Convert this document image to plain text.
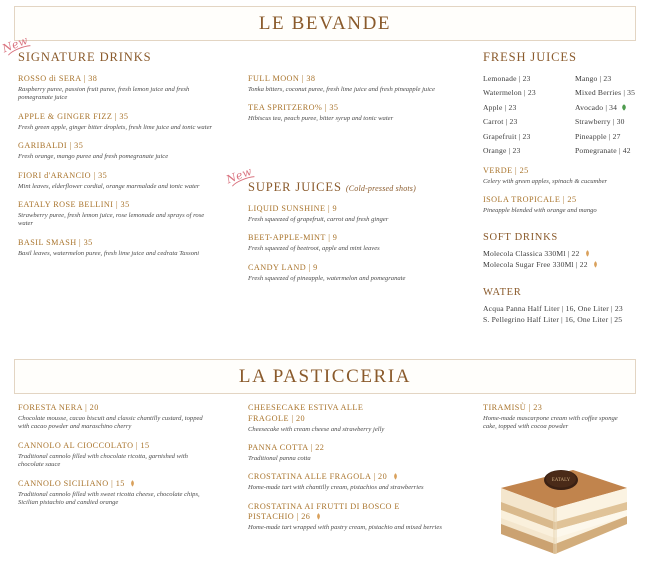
LE BEVANDE
New
SIGNATURE DRINKS

ROSSO di SERA | 38

Raspberry puree, passion fruit puree, fresh lemon juice and fresh pomegranate juice

APPLE & GINGER FIZZ | 35

Fresh green apple, ginger bitter droplets, fresh lime juice and tonic water

GARIBALDI | 35

Fresh orange, mango puree and fresh pomegranate juice

FIORI d'ARANCIO | 35

Mint leaves, elderflower cordial, orange marmalade and tonic water

EATALY ROSE BELLINI | 35

Strawberry puree, fresh lemon juice, rose lemonade and sprays of rose water

BASIL SMASH | 35

Basil leaves, watermelon puree, fresh lime juice and cedrata Tassoni

FULL MOON | 38

Tonka bitters, coconut puree, fresh lime juice and fresh pineapple juice

TEA SPRITZERO% | 35

Hibiscus tea, peach puree, bitter syrup and tonic water

New
SUPER JUICES (Cold-pressed shots)

LIQUID SUNSHINE | 9

Fresh squeezed of grapefruit, carrot and fresh ginger

BEET-APPLE-MINT | 9

Fresh squeezed of beetroot, apple and mint leaves

CANDY LAND | 9

Fresh squeezed of pineapple, watermelon and pomegranate

FRESH JUICES
Lemonade | 23	Mango | 23
Watermelon | 23	Mixed Berries | 35
Apple | 23	Avocado | 34
Carrot | 23	Strawberry | 30
Grapefruit | 23	Pineapple | 27
Orange | 23	Pomegranate | 42

VERDE | 25

Celery with green apples, spinach & cucumber

ISOLA TROPICALE | 25

Pineapple blended with orange and mango

SOFT DRINKS

Molecola Classica 330Ml | 22

Molecola Sugar Free 330Ml | 22

WATER

Acqua Panna Half Liter | 16, One Liter | 23

S. Pellegrino Half Liter | 16, One Liter | 25

LA PASTICCERIA

FORESTA NERA | 20

Chocolate mousse, cacao biscuit and classic chantilly custard, topped with cacao powder and maraschino cherry

CANNOLO AL CIOCCOLATO | 15

Traditional cannolo filled with chocolate ricotta, garnished with chocolate sauce

CANNOLO SICILIANO | 15

Traditional cannolo filled with sweet ricotta cheese, chocolate chips, Sicilian pistachio and candied orange

CHEESECAKE ESTIVA ALLE FRAGOLE | 20

Cheesecake with cream cheese and strawberry jelly

PANNA COTTA | 22

Traditional panna cotta

CROSTATINA ALLE FRAGOLA | 20

Home-made tart with chantilly cream, pistachios and strawberries

CROSTATINA AI FRUTTI DI BOSCO E PISTACHIO | 26

Home-made tart wrapped with pastry cream, pistachio and mixed berries

TIRAMISÙ | 23

Home-made mascarpone cream with coffee sponge cake, topped with cocoa powder

EATALY
